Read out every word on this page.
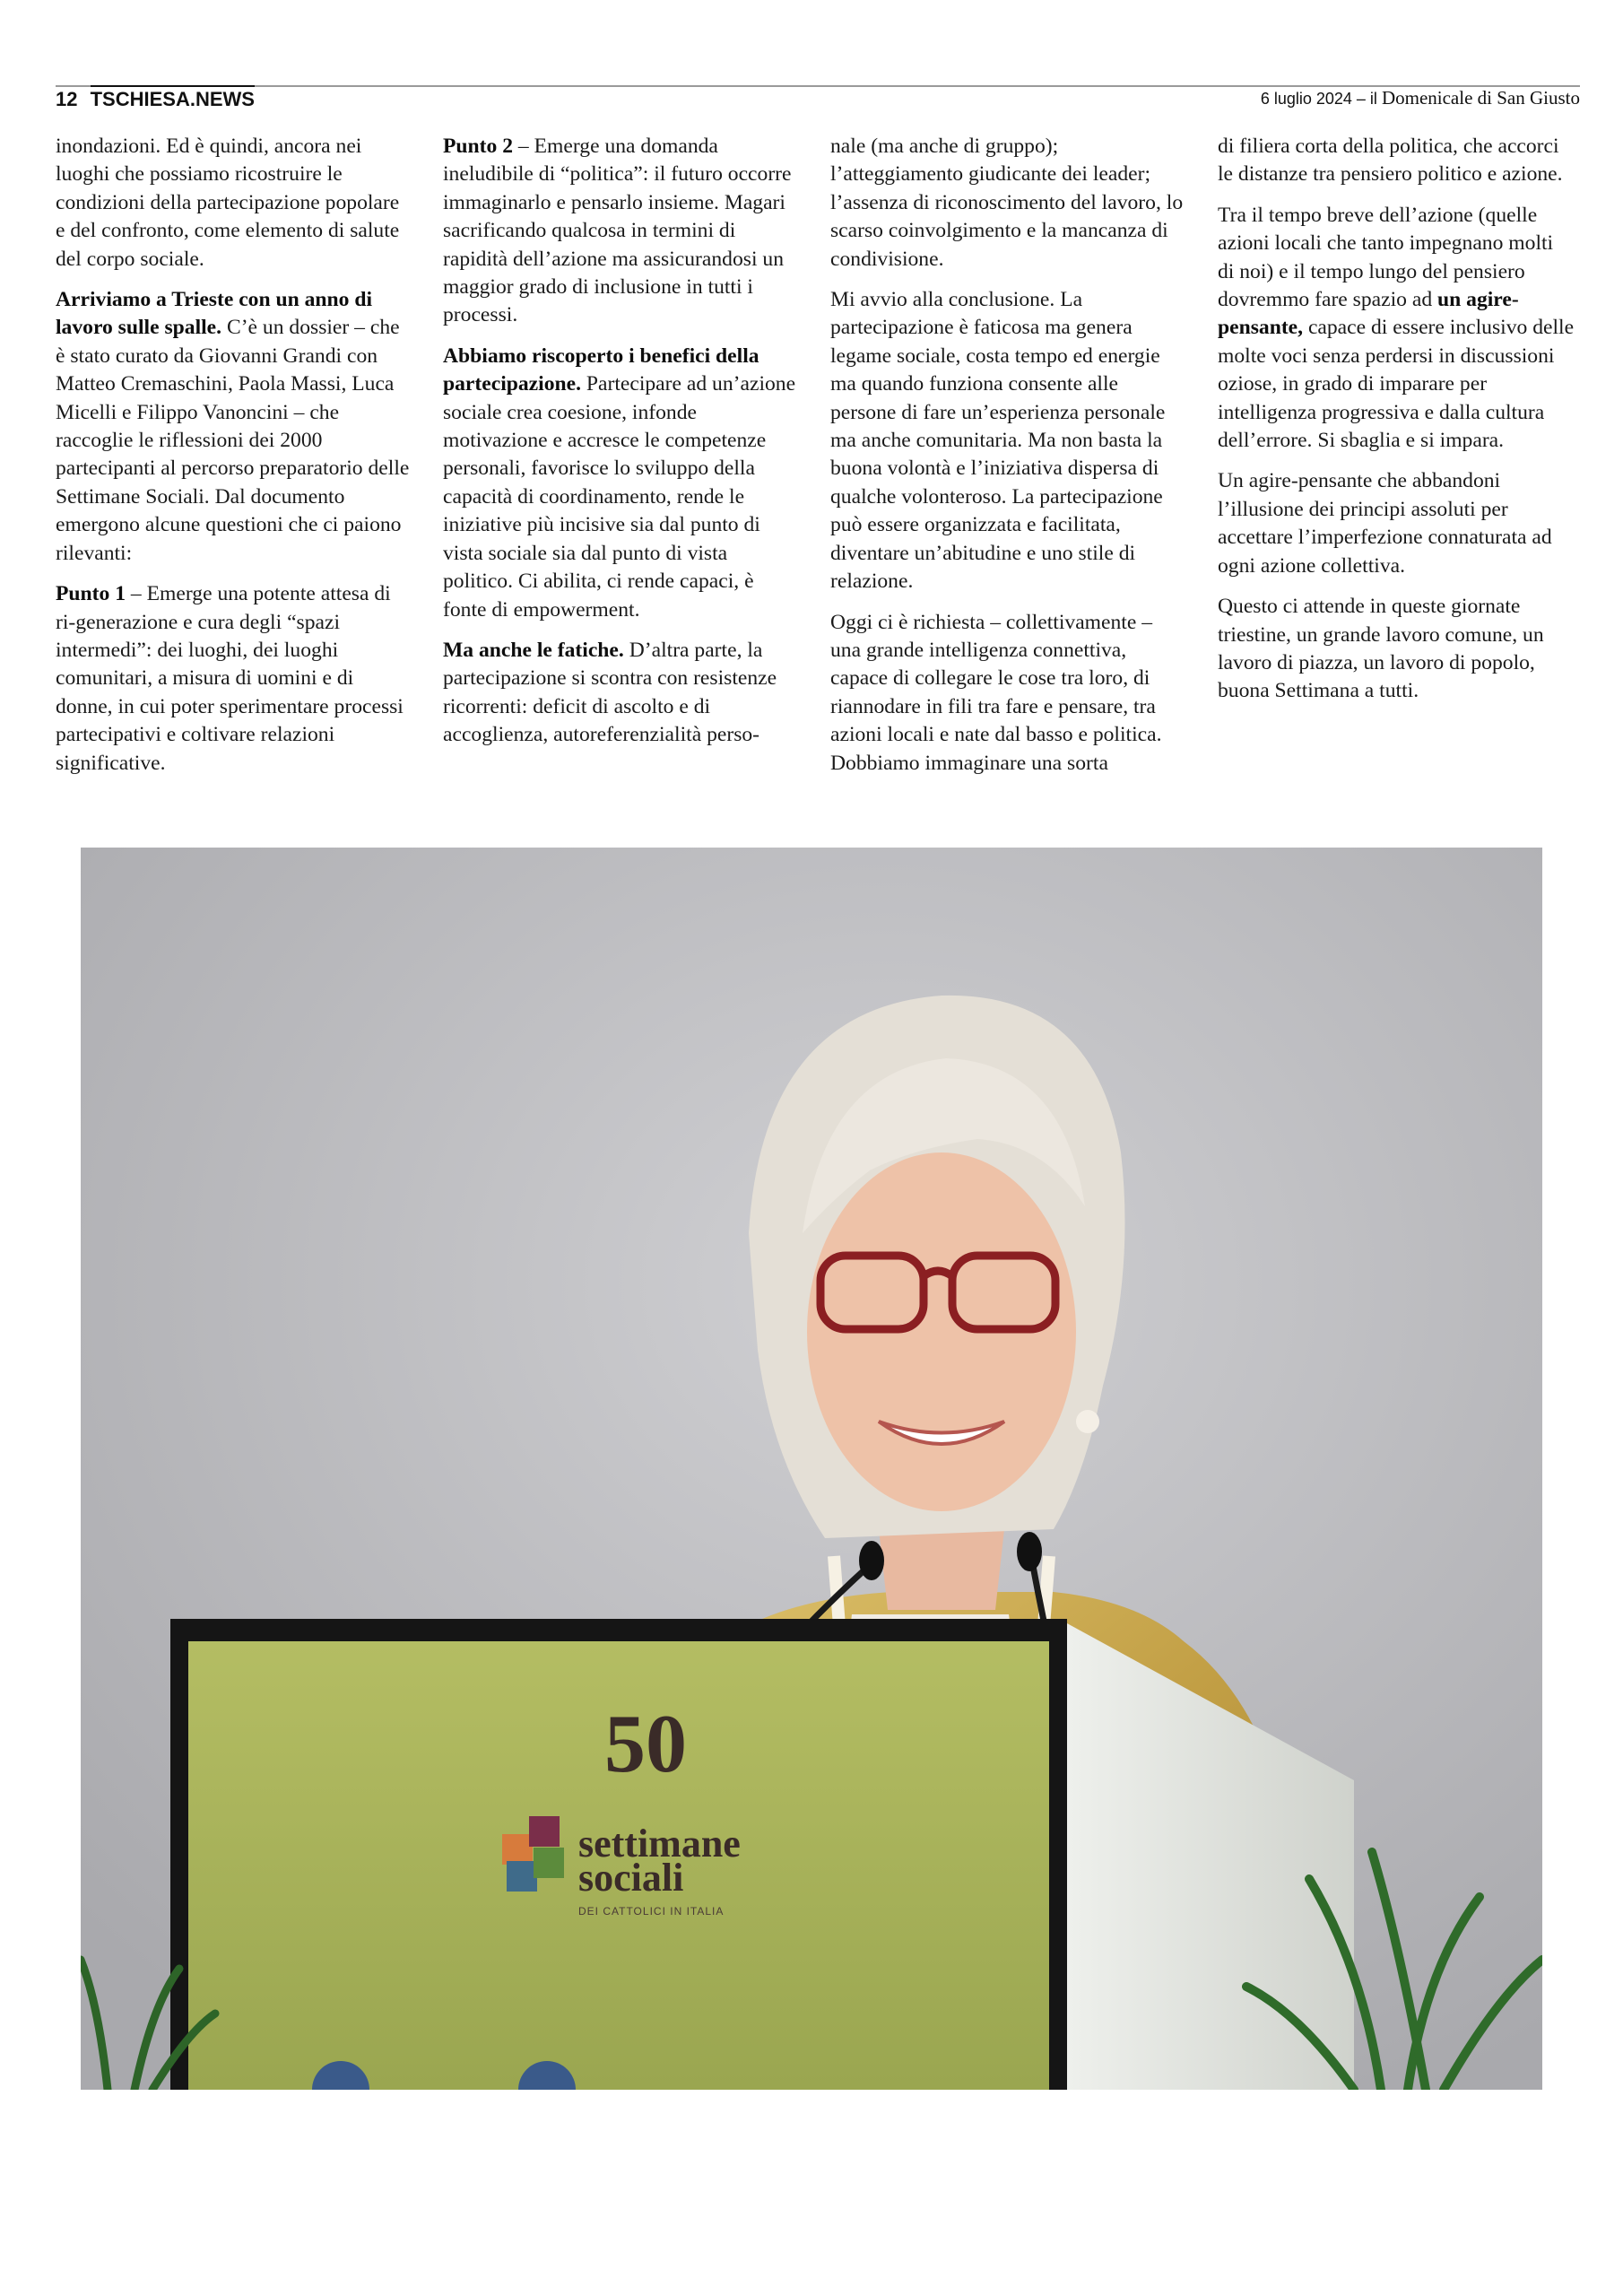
12 TSCHIESA.NEWS	6 luglio 2024 – il Domenicale di San Giusto

inondazioni. Ed è quindi, ancora nei luoghi che possiamo ricostruire le condizioni della partecipazione popolare e del confronto, come elemento di salute del corpo sociale.

Arriviamo a Trieste con un anno di lavoro sulle spalle. C’è un dossier – che è stato curato da Giovanni Grandi con Matteo Cremaschini, Paola Massi, Luca Micelli e Filippo Vanoncini – che raccoglie le riflessioni dei 2000 partecipanti al percorso preparatorio delle Settimane Sociali. Dal documento emergono alcune questioni che ci paiono rilevanti:

Punto 1 – Emerge una potente attesa di ri-generazione e cura degli “spazi intermedi”: dei luoghi, dei luoghi comunitari, a misura di uomini e di donne, in cui poter sperimentare processi partecipativi e coltivare relazioni significative.

Punto 2 – Emerge una domanda ineludibile di “politica”: il futuro occorre immaginarlo e pensarlo insieme. Magari sacrificando qualcosa in termini di rapidità dell’azione ma assicurandosi un maggior grado di inclusione in tutti i processi.

Abbiamo riscoperto i benefici della partecipazione. Partecipare ad un’azione sociale crea coesione, infonde motivazione e accresce le competenze personali, favorisce lo sviluppo della capacità di coordinamento, rende le iniziative più incisive sia dal punto di vista sociale sia dal punto di vista politico. Ci abilita, ci rende capaci, è fonte di empowerment.

Ma anche le fatiche. D’altra parte, la partecipazione si scontra con resistenze ricorrenti: deficit di ascolto e di accoglienza, autoreferenzialità perso-

nale (ma anche di gruppo); l’atteggiamento giudicante dei leader; l’assenza di riconoscimento del lavoro, lo scarso coinvolgimento e la mancanza di condivisione.

Mi avvio alla conclusione. La partecipazione è faticosa ma genera legame sociale, costa tempo ed energie ma quando funziona consente alle persone di fare un’esperienza personale ma anche comunitaria. Ma non basta la buona volontà e l’iniziativa dispersa di qualche volonteroso. La partecipazione può essere organizzata e facilitata, diventare un’abitudine e uno stile di relazione.

Oggi ci è richiesta – collettivamente – una grande intelligenza connettiva, capace di collegare le cose tra loro, di riannodare in fili tra fare e pensare, tra azioni locali e nate dal basso e politica. Dobbiamo immaginare una sorta

di filiera corta della politica, che accorci le distanze tra pensiero politico e azione.

Tra il tempo breve dell’azione (quelle azioni locali che tanto impegnano molti di noi) e il tempo lungo del pensiero dovremmo fare spazio ad un agire-pensante, capace di essere inclusivo delle molte voci senza perdersi in discussioni oziose, in grado di imparare per intelligenza progressiva e dalla cultura dell’errore. Si sbaglia e si impara.

Un agire-pensante che abbandoni l’illusione dei principi assoluti per accettare l’imperfezione connaturata ad ogni azione collettiva.

Questo ci attende in queste giornate triestine, un grande lavoro comune, un lavoro di piazza, un lavoro di popolo, buona Settimana a tutti.

50
settimane
sociali
DEI CATTOLICI IN ITALIA
